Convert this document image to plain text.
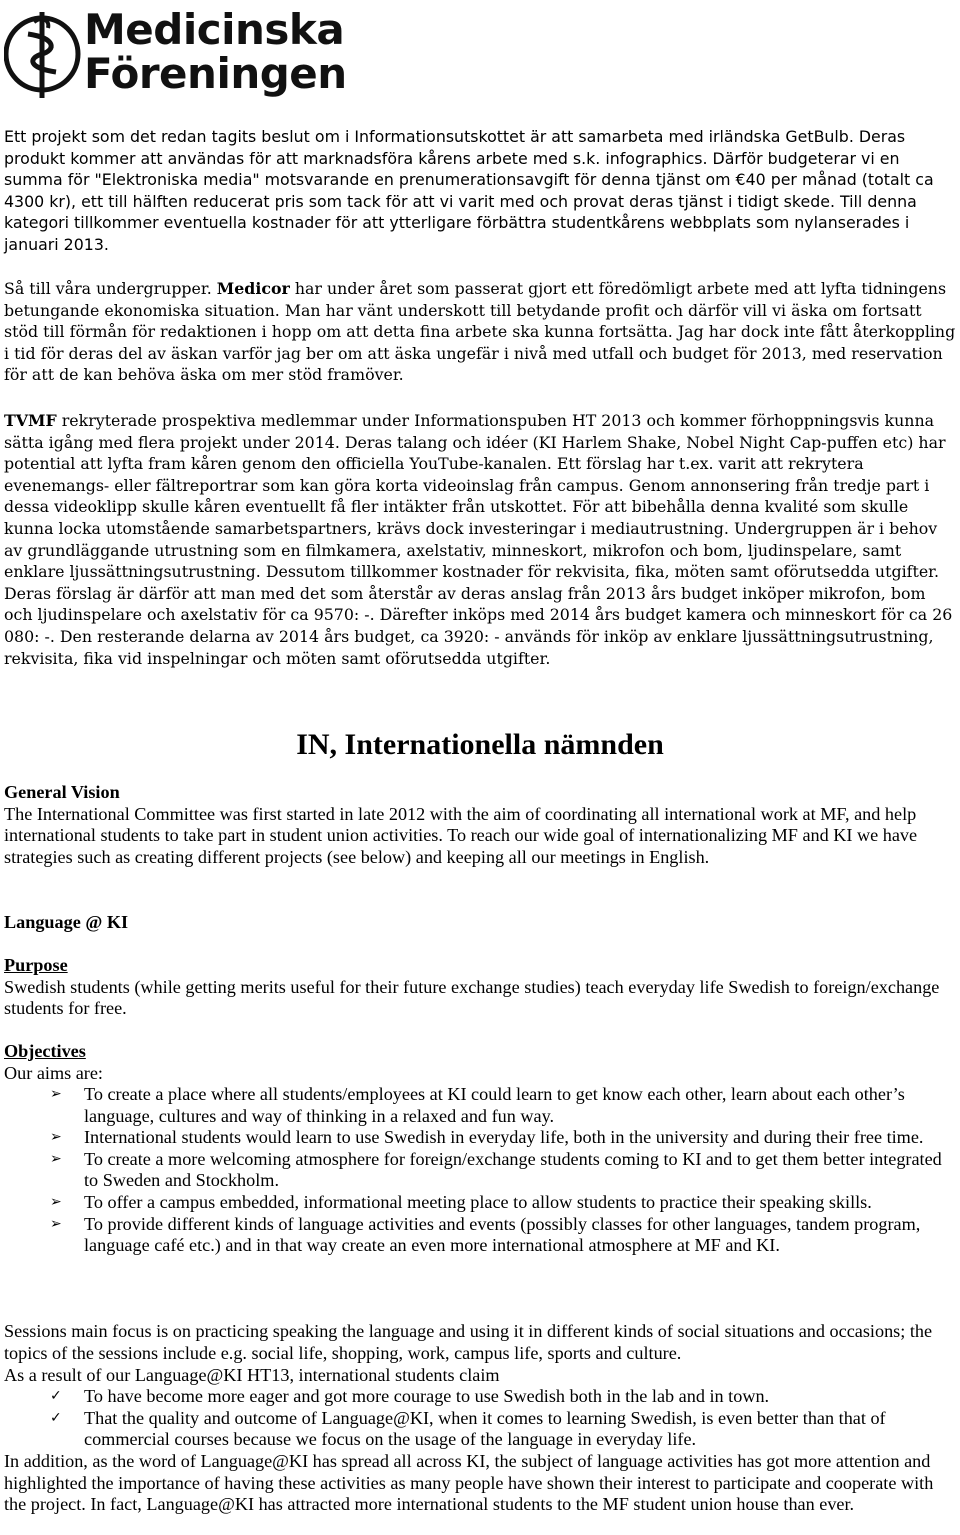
Medicinska
Föreningen

Ett projekt som det redan tagits beslut om i Informationsutskottet är att samarbeta med irländska GetBulb. Deras produkt kommer att användas för att marknadsföra kårens arbete med s.k. infographics. Därför budgeterar vi en summa för "Elektroniska media" motsvarande en prenumerationsavgift för denna tjänst om €40 per månad (totalt ca 4300 kr), ett till hälften reducerat pris som tack för att vi varit med och provat deras tjänst i tidigt skede. Till denna kategori tillkommer eventuella kostnader för att ytterligare förbättra studentkårens webbplats som nylanserades i januari 2013.

Så till våra undergrupper. Medicor har under året som passerat gjort ett föredömligt arbete med att lyfta tidningens betungande ekonomiska situation. Man har vänt underskott till betydande profit och därför vill vi äska om fortsatt stöd till förmån för redaktionen i hopp om att detta fina arbete ska kunna fortsätta. Jag har dock inte fått återkoppling i tid för deras del av äskan varför jag ber om att äska ungefär i nivå med utfall och budget för 2013, med reservation för att de kan behöva äska om mer stöd framöver.

TVMF rekryterade prospektiva medlemmar under Informationspuben HT 2013 och kommer förhoppningsvis kunna sätta igång med flera projekt under 2014. Deras talang och idéer (KI Harlem Shake, Nobel Night Cap-puffen etc) har potential att lyfta fram kåren genom den officiella YouTube-kanalen. Ett förslag har t.ex. varit att rekrytera evenemangs- eller fältreportrar som kan göra korta videoinslag från campus. Genom annonsering från tredje part i dessa videoklipp skulle kåren eventuellt få fler intäkter från utskottet. För att bibehålla denna kvalité som skulle kunna locka utomstående samarbetspartners, krävs dock investeringar i mediautrustning. Undergruppen är i behov av grundläggande utrustning som en filmkamera, axelstativ, minneskort, mikrofon och bom, ljudinspelare, samt enklare ljussättningsutrustning. Dessutom tillkommer kostnader för rekvisita, fika, möten samt oförutsedda utgifter. Deras förslag är därför att man med det som återstår av deras anslag från 2013 års budget inköper mikrofon, bom och ljudinspelare och axelstativ för ca 9570: -. Därefter inköps med 2014 års budget kamera och minneskort för ca 26 080: -. Den resterande delarna av 2014 års budget, ca 3920: - används för inköp av enklare ljussättningsutrustning, rekvisita, fika vid inspelningar och möten samt oförutsedda utgifter.

IN, Internationella nämnden
General Vision
The International Committee was first started in late 2012 with the aim of coordinating all international work at MF, and help international students to take part in student union activities. To reach our wide goal of internationalizing MF and KI we have strategies such as creating different projects (see below) and keeping all our meetings in English.
Language @ KI
Purpose
Swedish students (while getting merits useful for their future exchange studies) teach everyday life Swedish to foreign/exchange students for free.
Objectives
Our aims are:
➢ To create a place where all students/employees at KI could learn to get know each other, learn about each other’s language, cultures and way of thinking in a relaxed and fun way.
➢ International students would learn to use Swedish in everyday life, both in the university and during their free time.
➢ To create a more welcoming atmosphere for foreign/exchange students coming to KI and to get them better integrated to Sweden and Stockholm.
➢ To offer a campus embedded, informational meeting place to allow students to practice their speaking skills.
➢ To provide different kinds of language activities and events (possibly classes for other languages, tandem program, language café etc.) and in that way create an even more international atmosphere at MF and KI.
Sessions main focus is on practicing speaking the language and using it in different kinds of social situations and occasions; the topics of the sessions include e.g. social life, shopping, work, campus life, sports and culture.
As a result of our Language@KI HT13, international students claim
✓ To have become more eager and got more courage to use Swedish both in the lab and in town.
✓ That the quality and outcome of Language@KI, when it comes to learning Swedish, is even better than that of commercial courses because we focus on the usage of the language in everyday life.
In addition, as the word of Language@KI has spread all across KI, the subject of language activities has got more attention and highlighted the importance of having these activities as many people have shown their interest to participate and cooperate with the project. In fact, Language@KI has attracted more international students to the MF student union house than ever.
